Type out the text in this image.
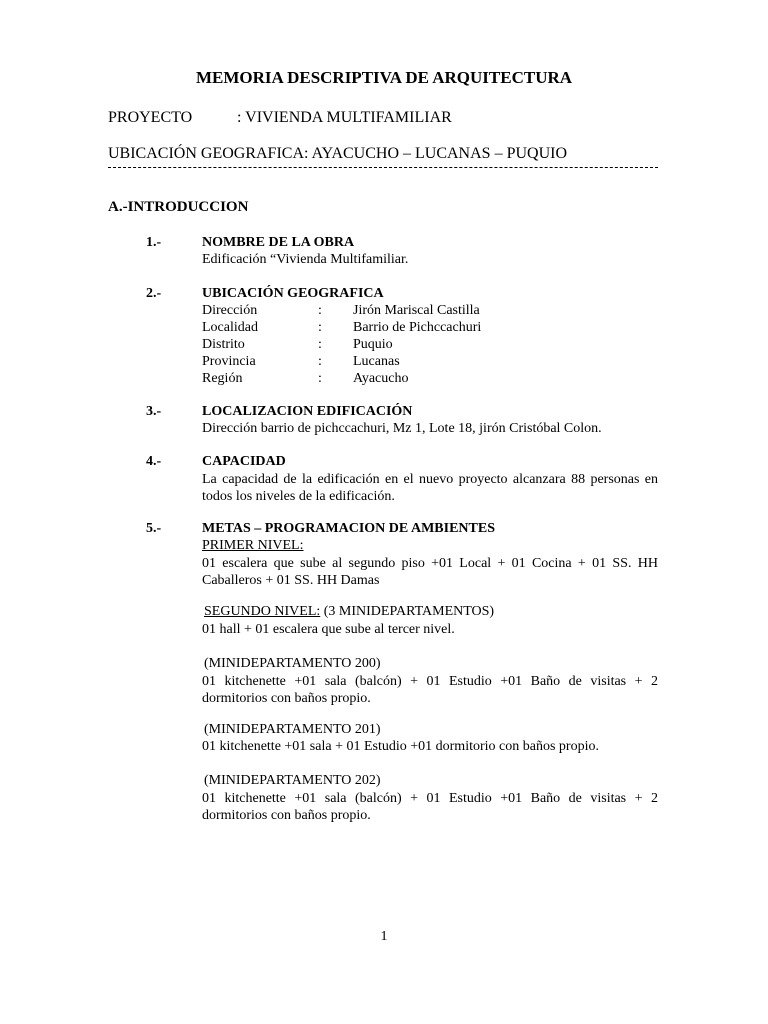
MEMORIA DESCRIPTIVA DE ARQUITECTURA
PROYECTO	: VIVIENDA MULTIFAMILIAR
UBICACIÓN GEOGRAFICA: AYACUCHO – LUCANAS – PUQUIO
A.-INTRODUCCION
1.-	NOMBRE DE LA OBRA
Edificación “Vivienda Multifamiliar.
2.-	UBICACIÓN GEOGRAFICA
Dirección	: Jirón Mariscal Castilla
Localidad	: Barrio de Pichccachuri
Distrito	: Puquio
Provincia	: Lucanas
Región	: Ayacucho
3.-	LOCALIZACION EDIFICACIÓN
Dirección barrio de pichccachuri, Mz 1, Lote 18, jirón Cristóbal Colon.
4.-	CAPACIDAD
La capacidad de la edificación en el nuevo proyecto alcanzara 88 personas en todos los niveles de la edificación.
5.-	METAS – PROGRAMACION DE AMBIENTES
PRIMER NIVEL:
01 escalera que sube al segundo piso +01 Local + 01 Cocina + 01 SS. HH Caballeros + 01 SS. HH Damas
SEGUNDO NIVEL: (3 MINIDEPARTAMENTOS)
01 hall + 01 escalera que sube al tercer nivel.
(MINIDEPARTAMENTO 200)
01 kitchenette +01 sala (balcón) + 01 Estudio +01 Baño de visitas + 2 dormitorios con baños propio.
(MINIDEPARTAMENTO 201)
01 kitchenette +01 sala + 01 Estudio +01 dormitorio con baños propio.
(MINIDEPARTAMENTO 202)
01 kitchenette +01 sala (balcón) + 01 Estudio +01 Baño de visitas + 2 dormitorios con baños propio.
1
